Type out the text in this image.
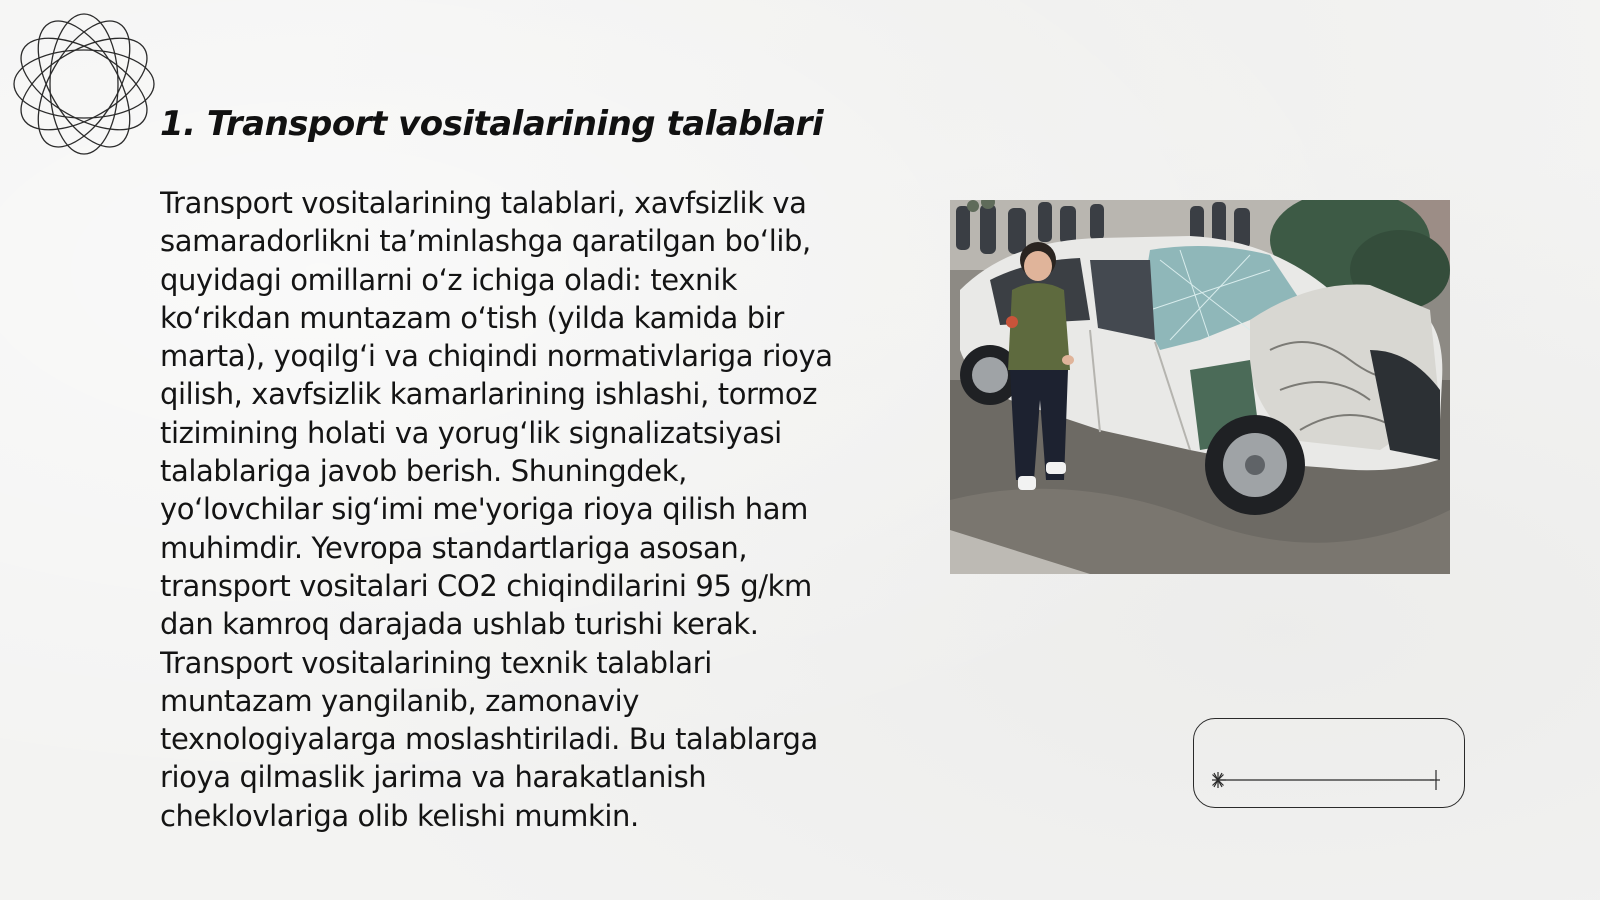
1. Transport vositalarining talablari

Transport vositalarining talablari, xavfsizlik va samaradorlikni ta’minlashga qaratilgan bo‘lib, quyidagi omillarni o‘z ichiga oladi: texnik ko‘rikdan muntazam o‘tish (yilda kamida bir marta), yoqilg‘i va chiqindi normativlariga rioya qilish, xavfsizlik kamarlarining ishlashi, tormoz tizimining holati va yorug‘lik signalizatsiyasi talablariga javob berish. Shuningdek, yo‘lovchilar sig‘imi me'yoriga rioya qilish ham muhimdir. Yevropa standartlariga asosan, transport vositalari CO2 chiqindilarini 95 g/km dan kamroq darajada ushlab turishi kerak. Transport vositalarining texnik talablari muntazam yangilanib, zamonaviy texnologiyalarga moslashtiriladi. Bu talablarga rioya qilmaslik jarima va harakatlanish cheklovlariga olib kelishi mumkin.
